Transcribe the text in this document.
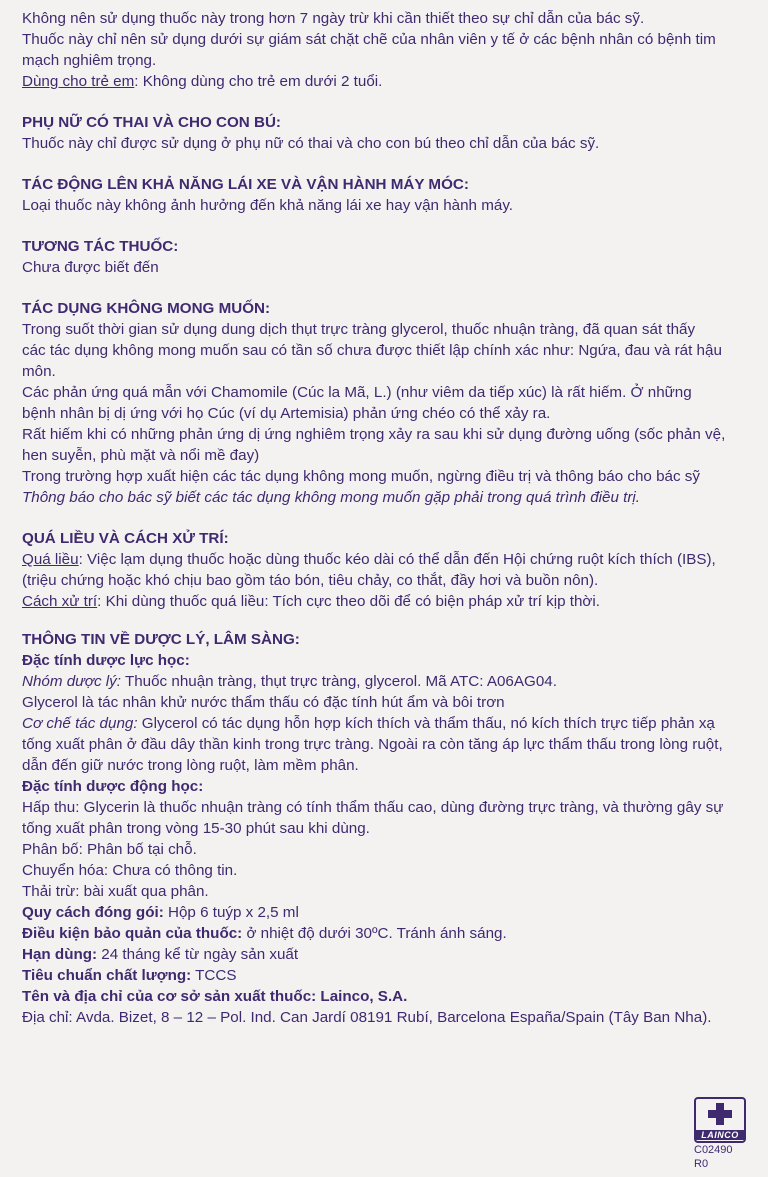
Không nên sử dụng thuốc này trong hơn 7 ngày trừ khi cần thiết theo sự chỉ dẫn của bác sỹ.

Thuốc này chỉ nên sử dụng dưới sự giám sát chặt chẽ của nhân viên y tế ở các bệnh nhân có bệnh tim

mạch nghiêm trọng.

Dùng cho trẻ em: Không dùng cho trẻ em dưới 2 tuổi.

PHỤ NỮ CÓ THAI VÀ CHO CON BÚ:

Thuốc này chỉ được sử dụng ở phụ nữ có thai và cho con bú theo chỉ dẫn của bác sỹ.

TÁC ĐỘNG LÊN KHẢ NĂNG LÁI XE VÀ VẬN HÀNH MÁY MÓC:

Loại thuốc này không ảnh hưởng đến khả năng lái xe hay vận hành máy.

TƯƠNG TÁC THUỐC:

Chưa được biết đến

TÁC DỤNG KHÔNG MONG MUỐN:

Trong suốt thời gian sử dụng dung dịch thụt trực tràng glycerol, thuốc nhuận tràng, đã quan sát thấy

các tác dụng không mong muốn sau có tần số chưa được thiết lập chính xác như: Ngứa, đau và rát hậu

môn.

Các phản ứng quá mẫn với Chamomile (Cúc la Mã, L.) (như viêm da tiếp xúc) là rất hiếm. Ở những

bệnh nhân bị dị ứng với họ Cúc (ví dụ Artemisia) phản ứng chéo có thể xảy ra.

Rất hiếm khi có những phản ứng dị ứng nghiêm trọng xảy ra sau khi sử dụng đường uống (sốc phản vệ,

hen suyễn, phù mặt và nổi mề đay)

Trong trường hợp xuất hiện các tác dụng không mong muốn, ngừng điều trị và thông báo cho bác sỹ

Thông báo cho bác sỹ biết các tác dụng không mong muốn gặp phải trong quá trình điều trị.

QUÁ LIỀU VÀ CÁCH XỬ TRÍ:

Quá liều: Việc lạm dụng thuốc hoặc dùng thuốc kéo dài có thể dẫn đến Hội chứng ruột kích thích (IBS),

(triệu chứng hoặc khó chịu bao gồm táo bón, tiêu chảy, co thắt, đầy hơi và buồn nôn).

Cách xử trí: Khi dùng thuốc quá liều: Tích cực theo dõi để có biện pháp xử trí kịp thời.

THÔNG TIN VỀ DƯỢC LÝ, LÂM SÀNG:

Đặc tính dược lực học:

Nhóm dược lý: Thuốc nhuận tràng, thụt trực tràng, glycerol. Mã ATC: A06AG04.

Glycerol là tác nhân khử nước thẩm thấu có đặc tính hút ẩm và bôi trơn

Cơ chế tác dụng: Glycerol có tác dụng hỗn hợp kích thích và thẩm thấu, nó kích thích trực tiếp phản xạ

tống xuất phân ở đầu dây thần kinh trong trực tràng. Ngoài ra còn tăng áp lực thẩm thấu trong lòng ruột,

dẫn đến giữ nước trong lòng ruột, làm mềm phân.

Đặc tính dược động học:

Hấp thu: Glycerin là thuốc nhuận tràng có tính thẩm thấu cao, dùng đường trực tràng, và thường gây sự

tống xuất phân trong vòng 15-30 phút sau khi dùng.

Phân bố: Phân bố tại chỗ.

Chuyển hóa: Chưa có thông tin.

Thải trừ: bài xuất qua phân.

Quy cách đóng gói: Hộp 6 tuýp x 2,5 ml

Điều kiện bảo quản của thuốc: ở nhiệt độ dưới 30ºC. Tránh ánh sáng.

Hạn dùng: 24 tháng kể từ ngày sản xuất

Tiêu chuẩn chất lượng: TCCS

Tên và địa chỉ của cơ sở sản xuất thuốc: Lainco, S.A.

Địa chỉ: Avda. Bizet, 8 – 12 – Pol. Ind. Can Jardí 08191 Rubí, Barcelona España/Spain (Tây Ban Nha).

LAINCO
C02490
R0
